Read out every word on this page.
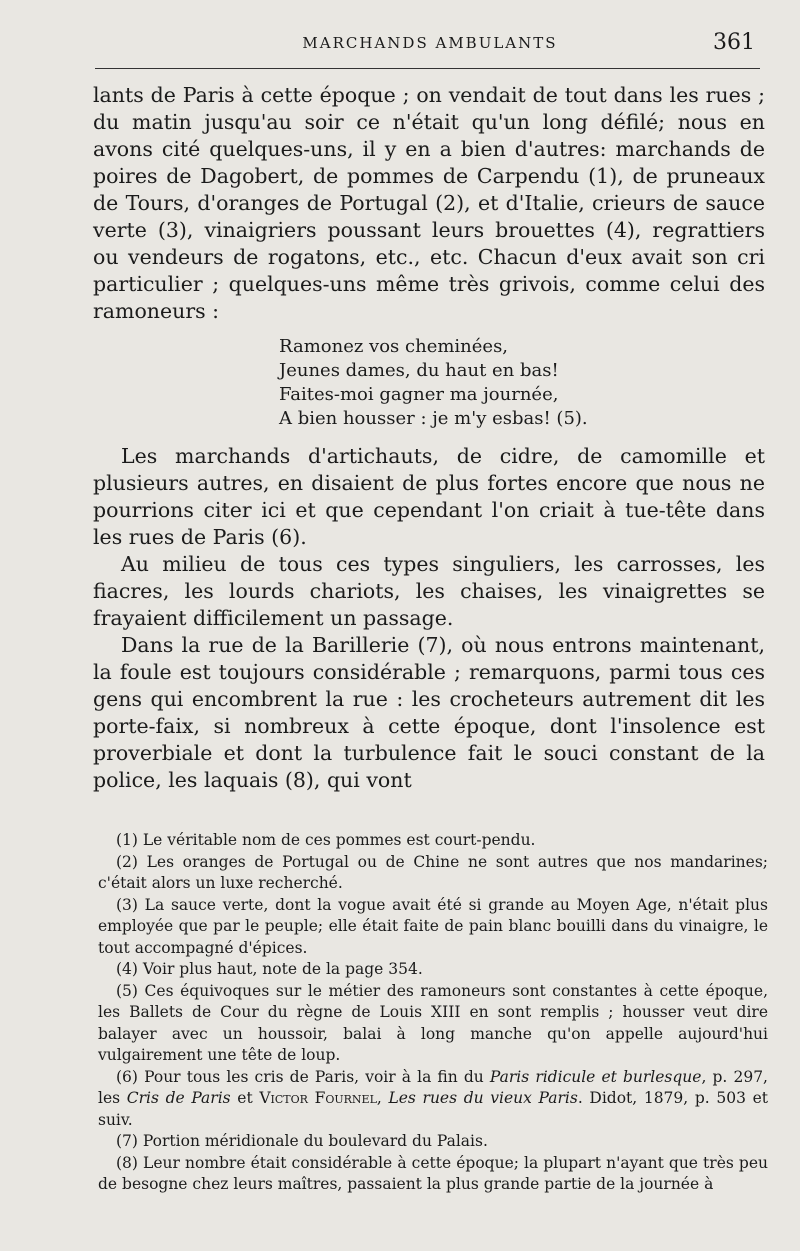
MARCHANDS AMBULANTS	361

lants de Paris à cette époque ; on vendait de tout dans les rues ; du matin jusqu'au soir ce n'était qu'un long défilé; nous en avons cité quelques-uns, il y en a bien d'autres: marchands de poires de Dagobert, de pommes de Carpendu (1), de pruneaux de Tours, d'oranges de Portugal (2), et d'Italie, crieurs de sauce verte (3), vinaigriers poussant leurs brouettes (4), regrattiers ou vendeurs de rogatons, etc., etc. Chacun d'eux avait son cri particulier ; quelques-uns même très grivois, comme celui des ramoneurs :

Ramonez vos cheminées,
Jeunes dames, du haut en bas!
Faites-moi gagner ma journée,
A bien housser : je m'y esbas! (5).

Les marchands d'artichauts, de cidre, de camomille et plusieurs autres, en disaient de plus fortes encore que nous ne pourrions citer ici et que cependant l'on criait à tue-tête dans les rues de Paris (6).

Au milieu de tous ces types singuliers, les carrosses, les fiacres, les lourds chariots, les chaises, les vinaigrettes se frayaient difficilement un passage.

Dans la rue de la Barillerie (7), où nous entrons maintenant, la foule est toujours considérable ; remarquons, parmi tous ces gens qui encombrent la rue : les crocheteurs autrement dit les porte-faix, si nombreux à cette époque, dont l'insolence est proverbiale et dont la turbulence fait le souci constant de la police, les laquais (8), qui vont

(1) Le véritable nom de ces pommes est court-pendu.

(2) Les oranges de Portugal ou de Chine ne sont autres que nos mandarines; c'était alors un luxe recherché.

(3) La sauce verte, dont la vogue avait été si grande au Moyen Age, n'était plus employée que par le peuple; elle était faite de pain blanc bouilli dans du vinaigre, le tout accompagné d'épices.

(4) Voir plus haut, note de la page 354.

(5) Ces équivoques sur le métier des ramoneurs sont constantes à cette époque, les Ballets de Cour du règne de Louis XIII en sont remplis ; housser veut dire balayer avec un houssoir, balai à long manche qu'on appelle aujourd'hui vulgairement une tête de loup.

(6) Pour tous les cris de Paris, voir à la fin du Paris ridicule et burlesque, p. 297, les Cris de Paris et Victor Fournel, Les rues du vieux Paris. Didot, 1879, p. 503 et suiv.

(7) Portion méridionale du boulevard du Palais.

(8) Leur nombre était considérable à cette époque; la plupart n'ayant que très peu de besogne chez leurs maîtres, passaient la plus grande partie de la journée à
